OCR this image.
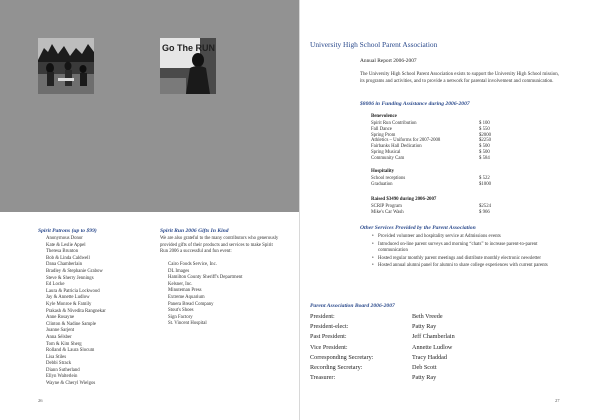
Go The RUN
Spirit Patrons (up to $99)
Anonymous Donor
Kate & Leslie Appel
Theresa Brunton
Bob & Linda Caldwell
Dana Chamberlain
Bradley & Stephanie Grabow
Steve & Sherry Jennings
Ed Locke
Laura & Patricia Lockwood
Jay & Annette Ludlow
Kyle Monroe & Family
Prakash & Nivedita Rangnekar
Anne Rosayne
Clinton & Nadine Sample
Joanne Sarjent
Anna Sélsber
Tom & Kim Sherg
Rolland & Laura Slocum
Lisa Stiles
Debbi Strack
Diann Sutherland
Ellyn Walterlein
Wayne & Cheryl Wielgos
Spirit Run 2006 Gifts In Kind
We are also grateful to the many contributors who generously provided gifts of their products and services to make Spirit Run 2006 a successful and fun event:
Cairo Foods Service, Inc.
DL Images
Hamilton County Sheriff's Department
Kelsner, Inc.
Minuteman Press
Extreme Aquarium
Panera Bread Company
Stout's Shoes
Sign Factory
St. Vincent Hospital
26
University High School Parent Association
Annual Report 2006-2007
The University High School Parent Association exists to support the University High School mission, its programs and activities, and to provide a network for parental involvement and communication.
$8006 in Funding Assistance during 2006-2007
Benevolence
Spirit Run Contribution	$ 100
Fall Dance	$ 550
Spring Prom	$2000
Athletics – Uniforms for 2007-2008	$2250
Fairbanks Hall Dedication	$ 500
Spring Musical	$ 500
Community Cam	$ 584
Hospitality
School receptions	$ 522
Graduation	$1000
Raised $3490 during 2006-2007
SCRIP Program	$2524
Mike's Car Wash	$ 966
Other Services Provided by the Parent Association
• Provided volunteer and hospitality service at Admissions events
• Introduced on-line parent surveys and morning “chats” to increase parent-to-parent communication
• Hosted regular monthly parent meetings and distribute monthly electronic newsletter
• Hosted annual alumni panel for alumni to share college experiences with current parents
Parent Association Board 2006-2007
President:	Beth Vreede
President-elect:	Patty Ray
Past President:	Jeff Chamberlain
Vice President:	Annette Ludlow
Corresponding Secretary:	Tracy Haddad
Recording Secretary:	Deb Scott
Treasurer:	Patty Ray
27
